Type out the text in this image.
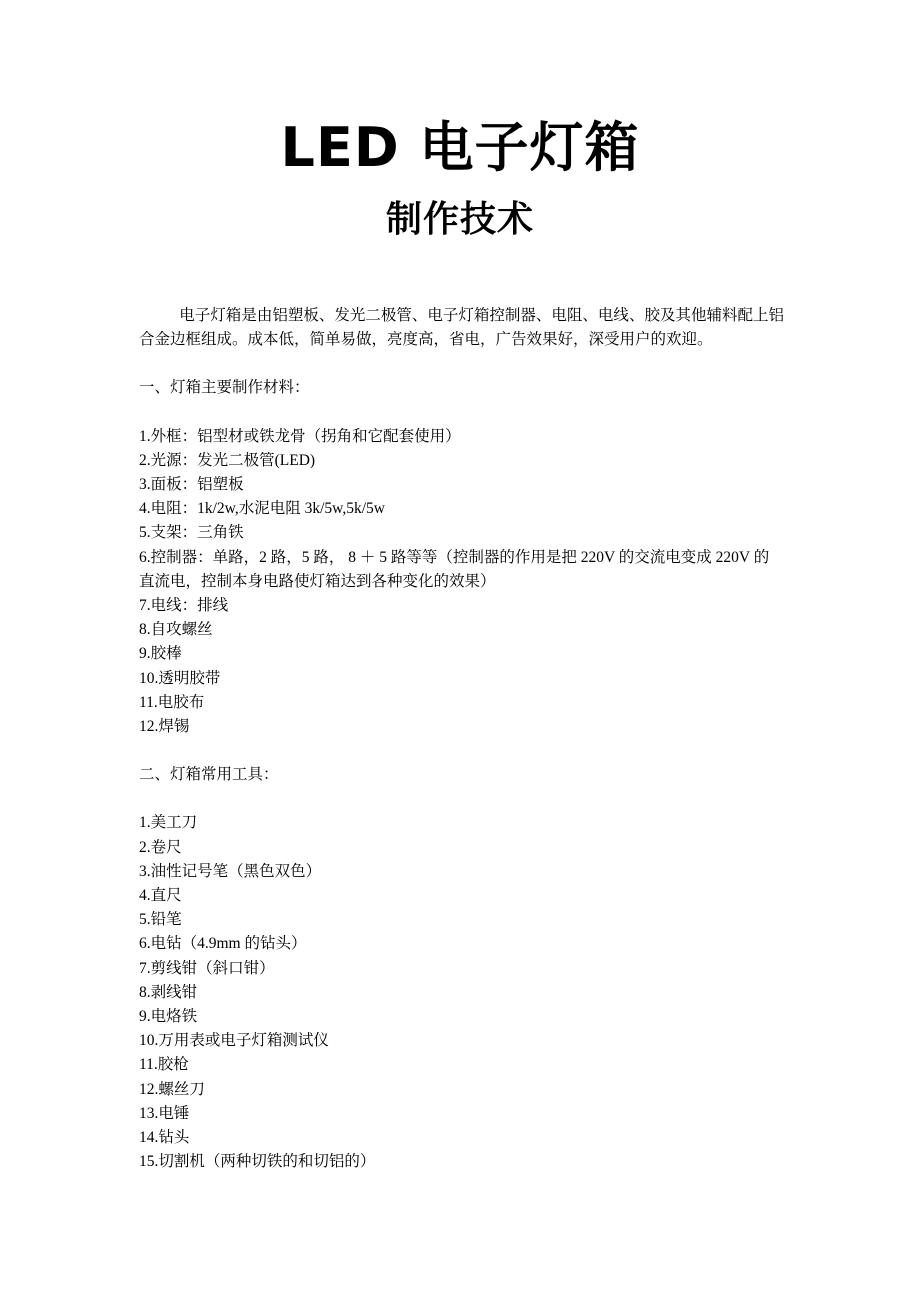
LED 电子灯箱
制作技术

电子灯箱是由铝塑板、发光二极管、电子灯箱控制器、电阻、电线、胶及其他辅料配上铝合金边框组成。成本低，简单易做，亮度高，省电，广告效果好，深受用户的欢迎。

一、灯箱主要制作材料：
1.外框：铝型材或铁龙骨（拐角和它配套使用）
2.光源：发光二极管(LED)
3.面板：铝塑板
4.电阻：1k/2w,水泥电阻 3k/5w,5k/5w
5.支架：三角铁
6.控制器：单路，2 路，5 路， 8 ＋ 5 路等等（控制器的作用是把 220V 的交流电变成 220V 的直流电，控制本身电路使灯箱达到各种变化的效果）
7.电线：排线
8.自攻螺丝
9.胶棒
10.透明胶带
11.电胶布
12.焊锡
二、灯箱常用工具：
1.美工刀
2.卷尺
3.油性记号笔（黑色双色）
4.直尺
5.铅笔
6.电钻（4.9mm 的钻头）
7.剪线钳（斜口钳）
8.剥线钳
9.电烙铁
10.万用表或电子灯箱测试仪
11.胶枪
12.螺丝刀
13.电锤
14.钻头
15.切割机（两种切铁的和切铝的）
